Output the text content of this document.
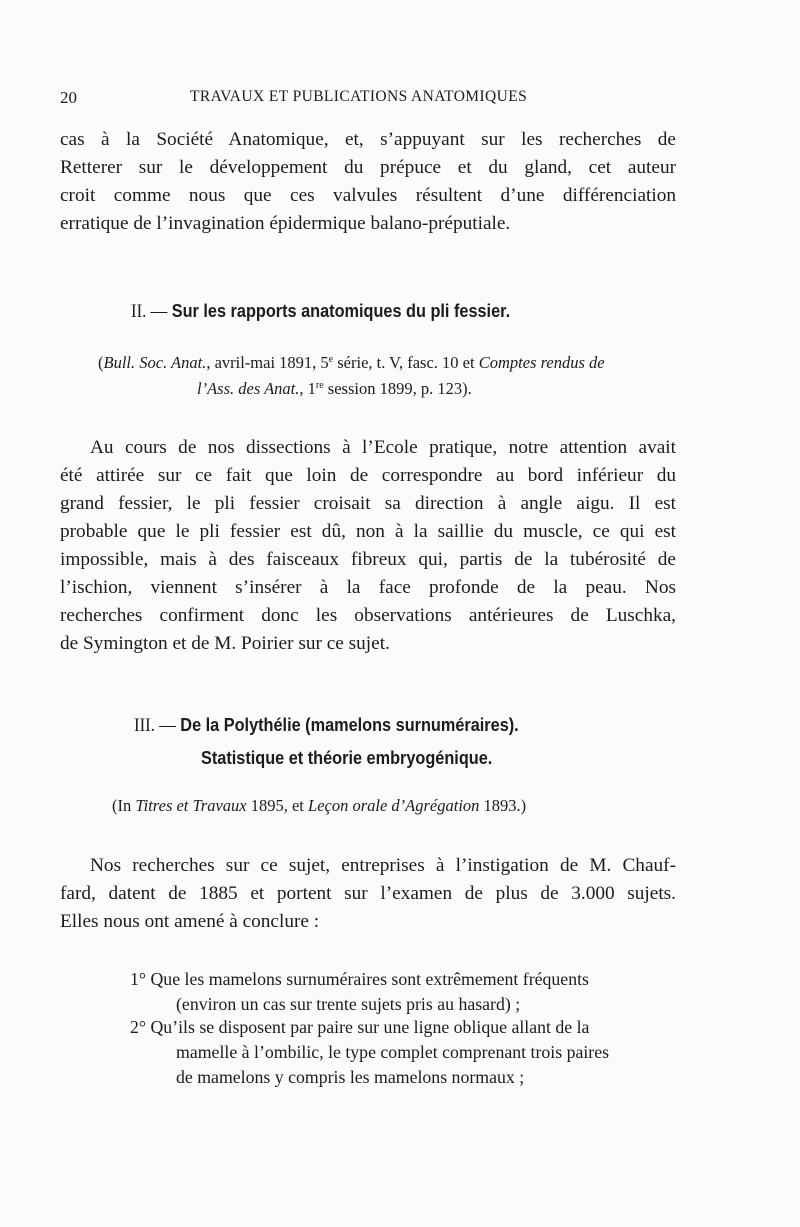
20	TRAVAUX ET PUBLICATIONS ANATOMIQUES
cas à la Société Anatomique, et, s’appuyant sur les recherches de
Retterer sur le développement du prépuce et du gland, cet auteur
croit comme nous que ces valvules résultent d’une différenciation
erratique de l’invagination épidermique balano-préputiale.
II. — Sur les rapports anatomiques du pli fessier.
(Bull. Soc. Anat., avril-mai 1891, 5e série, t. V, fasc. 10 et Comptes rendus de
l’Ass. des Anat., 1re session 1899, p. 123).
Au cours de nos dissections à l’Ecole pratique, notre attention avait
été attirée sur ce fait que loin de correspondre au bord inférieur du
grand fessier, le pli fessier croisait sa direction à angle aigu. Il est
probable que le pli fessier est dû, non à la saillie du muscle, ce qui est
impossible, mais à des faisceaux fibreux qui, partis de la tubérosité de
l’ischion, viennent s’insérer à la face profonde de la peau. Nos
recherches confirment donc les observations antérieures de Luschka,
de Symington et de M. Poirier sur ce sujet.
III. — De la Polythélie (mamelons surnuméraires).
Statistique et théorie embryogénique.
(In Titres et Travaux 1895, et Leçon orale d’Agrégation 1893.)
Nos recherches sur ce sujet, entreprises à l’instigation de M. Chauf-
fard, datent de 1885 et portent sur l’examen de plus de 3.000 sujets.
Elles nous ont amené à conclure :
1° Que les mamelons surnuméraires sont extrêmement fréquents
(environ un cas sur trente sujets pris au hasard) ;
2° Qu’ils se disposent par paire sur une ligne oblique allant de la
mamelle à l’ombilic, le type complet comprenant trois paires
de mamelons y compris les mamelons normaux ;
